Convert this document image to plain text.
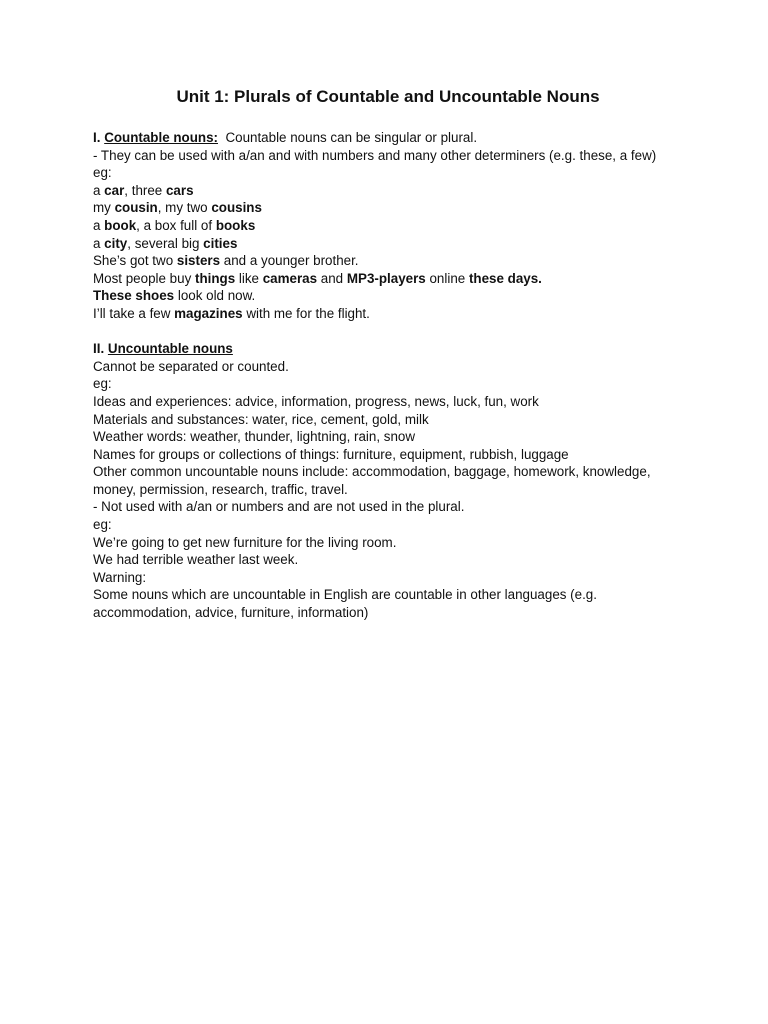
Unit 1: Plurals of Countable and Uncountable Nouns
I. Countable nouns: Countable nouns can be singular or plural.
- They can be used with a/an and with numbers and many other determiners (e.g. these, a few)
eg:
a car, three cars
my cousin, my two cousins
a book, a box full of books
a city, several big cities
She’s got two sisters and a younger brother.
Most people buy things like cameras and MP3-players online these days.
These shoes look old now.
I’ll take a few magazines with me for the flight.
II. Uncountable nouns
Cannot be separated or counted.
eg:
Ideas and experiences: advice, information, progress, news, luck, fun, work
Materials and substances: water, rice, cement, gold, milk
Weather words: weather, thunder, lightning, rain, snow
Names for groups or collections of things: furniture, equipment, rubbish, luggage
Other common uncountable nouns include: accommodation, baggage, homework, knowledge, money, permission, research, traffic, travel.
- Not used with a/an or numbers and are not used in the plural.
eg:
We’re going to get new furniture for the living room.
We had terrible weather last week.
Warning:
Some nouns which are uncountable in English are countable in other languages (e.g. accommodation, advice, furniture, information)
